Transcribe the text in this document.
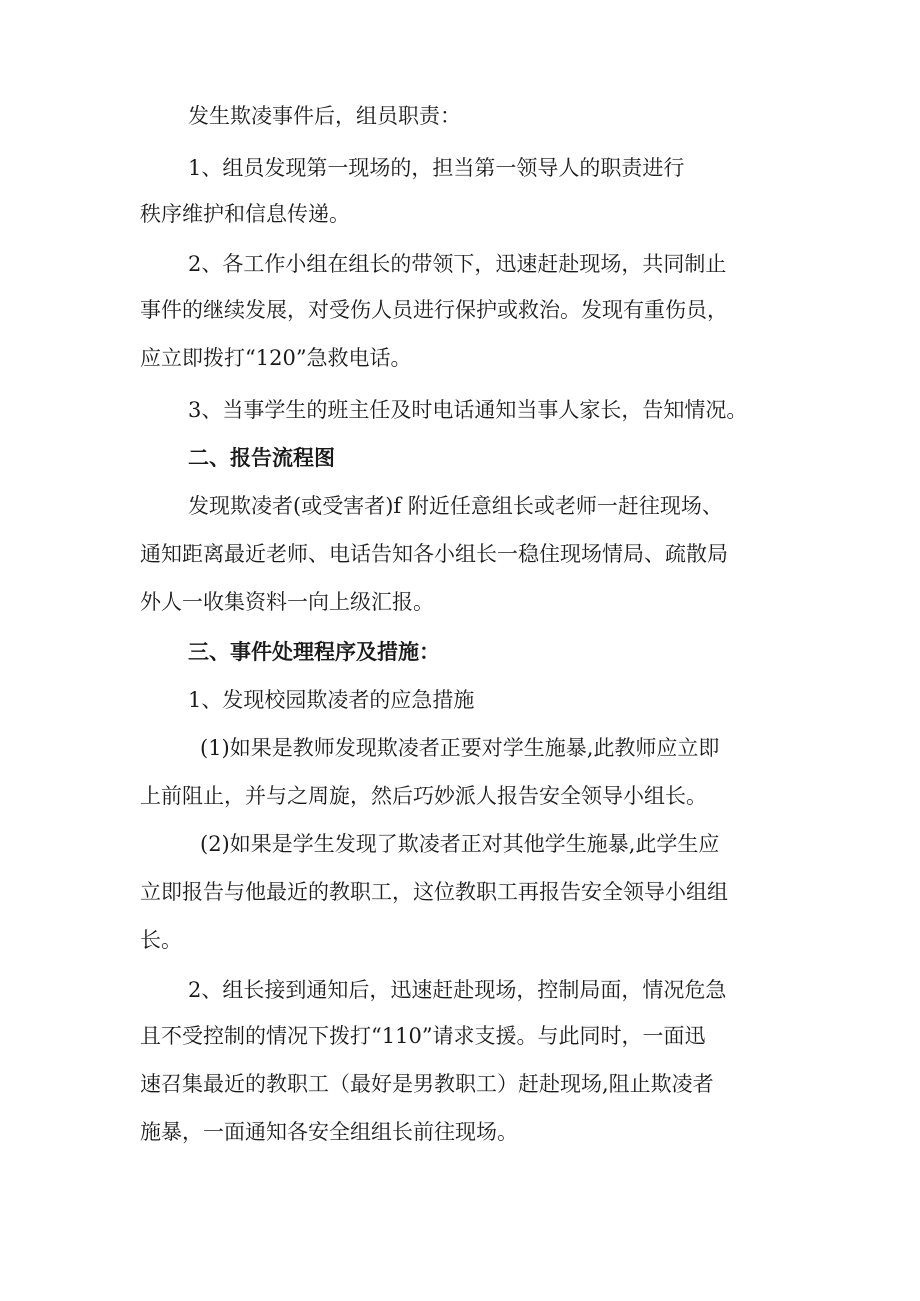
发生欺凌事件后，组员职责：
1、组员发现第一现场的，担当第一领导人的职责进行
秩序维护和信息传递。
2、各工作小组在组长的带领下，迅速赶赴现场，共同制止
事件的继续发展，对受伤人员进行保护或救治。发现有重伤员，
应立即拨打“120”急救电话。
3、当事学生的班主任及时电话通知当事人家长，告知情况。
二、报告流程图
发现欺凌者(或受害者)f 附近任意组长或老师一赶往现场、
通知距离最近老师、电话告知各小组长一稳住现场情局、疏散局
外人一收集资料一向上级汇报。
三、事件处理程序及措施：
1、发现校园欺凌者的应急措施
(1)如果是教师发现欺凌者正要对学生施暴,此教师应立即
上前阻止，并与之周旋，然后巧妙派人报告安全领导小组长。
(2)如果是学生发现了欺凌者正对其他学生施暴,此学生应
立即报告与他最近的教职工，这位教职工再报告安全领导小组组
长。
2、组长接到通知后，迅速赶赴现场，控制局面，情况危急
且不受控制的情况下拨打“110”请求支援。与此同时，一面迅
速召集最近的教职工（最好是男教职工）赶赴现场,阻止欺凌者
施暴，一面通知各安全组组长前往现场。
